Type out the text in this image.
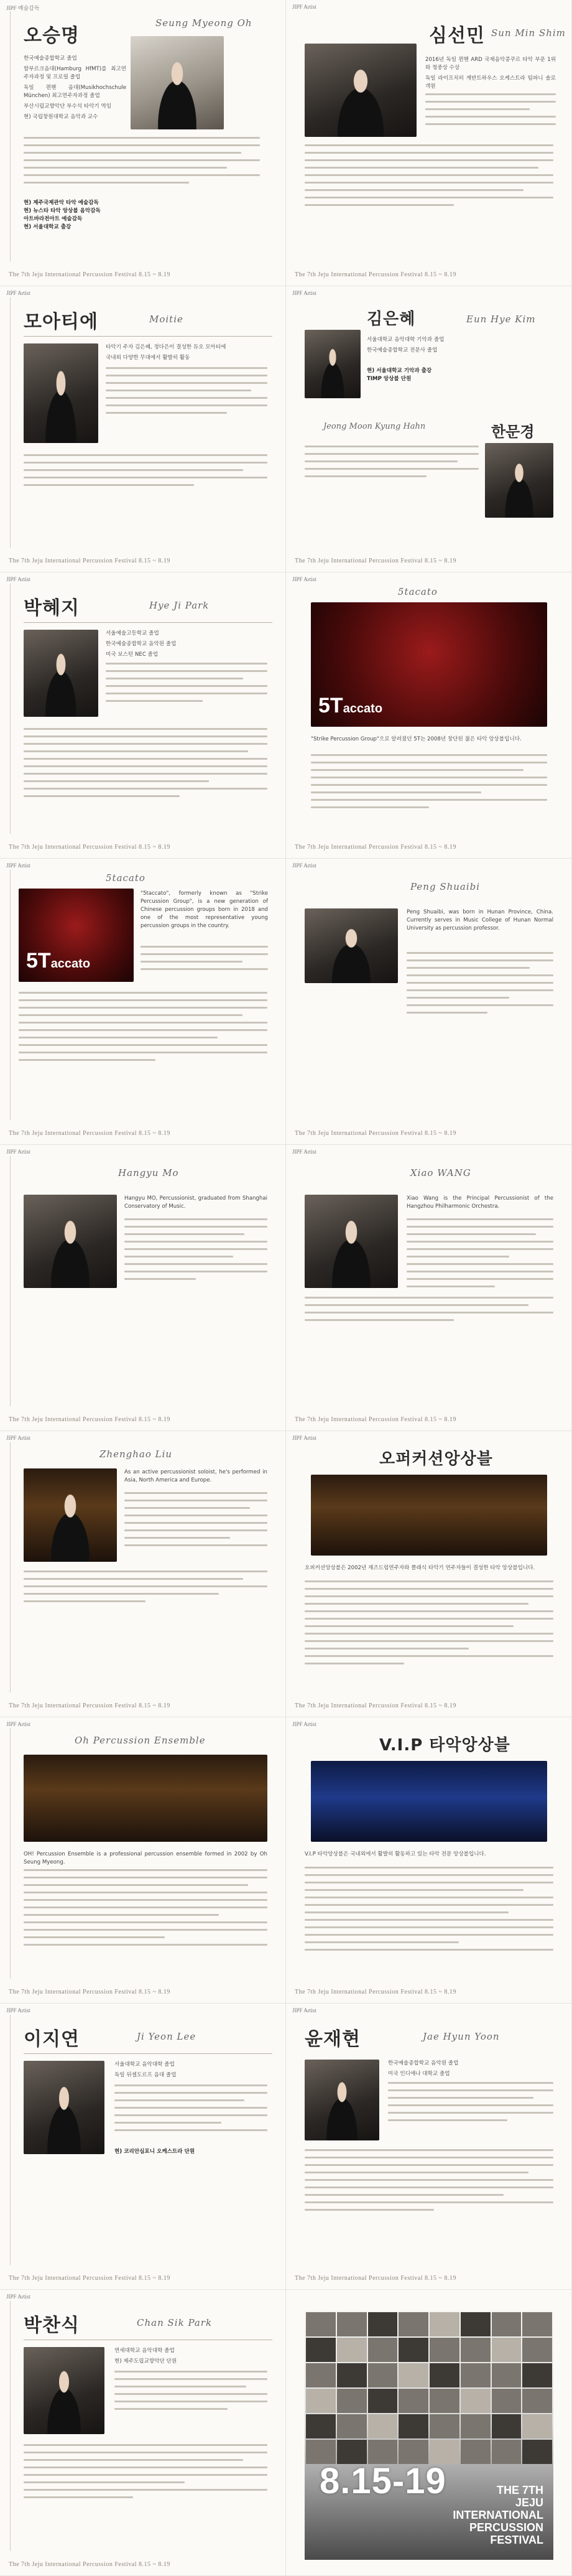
JIPF 예술감독
오승명
Seung Myeong Oh

한국예술종합학교 졸업

함부르크음대(Hamburg HfMT)를 최고연주자과정 및 프로필 졸업

독일 뮌헨 음대(Musikhochschule München) 최고연주자과정 졸업

부산시립교향악단 부수석 타악기 역임

현) 국립창원대학교 음악과 교수

현) 제주국제관악 타악 예술감독

현) 뉴스타 타악 앙상블 음악감독

아트바라전아트 예술감독

현) 서울대학교 출강

The 7th Jeju International Percussion Festival 8.15 ~ 8.19
JIPF Artist
심선민 Sun Min Shim

2016년 독일 뮌헨 ARD 국제음악콩쿠르 타악 부문 1위와 청중상 수상

독일 라이프치히 게반트하우스 오케스트라 팀파니 솔로 객원

The 7th Jeju International Percussion Festival 8.15 ~ 8.19
JIPF Artist
모아티에	Moitie

타악기 주자 김은혜, 정다은이 결성한 듀오 모아티에

국내외 다양한 무대에서 활발히 활동

The 7th Jeju International Percussion Festival 8.15 ~ 8.19
JIPF Artist
김은혜	Eun Hye Kim

서울대학교 음악대학 기악과 졸업

한국예술종합학교 전문사 졸업

현) 서울대학교 기악과 출강

TIMP 앙상블 단원

Jeong Moon Kyung Hahn	한문경
The 7th Jeju International Percussion Festival 8.15 ~ 8.19
JIPF Artist
박혜지	Hye Ji Park

서울예술고등학교 졸업

한국예술종합학교 음악원 졸업

미국 보스턴 NEC 졸업

The 7th Jeju International Percussion Festival 8.15 ~ 8.19
JIPF Artist
5tacato
5Taccato

"Strike Percussion Group"으로 알려졌던 5T는 2008년 창단된 젊은 타악 앙상블입니다.

The 7th Jeju International Percussion Festival 8.15 ~ 8.19
JIPF Artist
5tacato
5Taccato

"5taccato", formerly known as "Strike Percussion Group", is a new generation of Chinese percussion groups born in 2018 and one of the most representative young percussion groups in the country.

The 7th Jeju International Percussion Festival 8.15 ~ 8.19
JIPF Artist
Peng Shuaibi

Peng Shuaibi, was born in Hunan Province, China. Currently serves in Music College of Hunan Normal University as percussion professor.

The 7th Jeju International Percussion Festival 8.15 ~ 8.19
JIPF Artist
Hangyu Mo

Hangyu MO, Percussionist, graduated from Shanghai Conservatory of Music.

The 7th Jeju International Percussion Festival 8.15 ~ 8.19
JIPF Artist
Xiao WANG

Xiao Wang is the Principal Percussionist of the Hangzhou Philharmonic Orchestra.

The 7th Jeju International Percussion Festival 8.15 ~ 8.19
JIPF Artist
Zhenghao Liu

As an active percussionist soloist, he's performed in Asia, North America and Europe.

The 7th Jeju International Percussion Festival 8.15 ~ 8.19
JIPF Artist
오퍼커션앙상블

오퍼커션앙상블은 2002년 재즈드럼연주자와 클래식 타악기 연주자들이 결성한 타악 앙상블입니다.

The 7th Jeju International Percussion Festival 8.15 ~ 8.19
JIPF Artist
Oh Percussion Ensemble

OH! Percussion Ensemble is a professional percussion ensemble formed in 2002 by Oh Seung Myeong.

The 7th Jeju International Percussion Festival 8.15 ~ 8.19
JIPF Artist
V.I.P 타악앙상블

V.I.P 타악앙상블은 국내외에서 활발히 활동하고 있는 타악 전문 앙상블입니다.

The 7th Jeju International Percussion Festival 8.15 ~ 8.19
JIPF Artist
이지연	Ji Yeon Lee

서울대학교 음악대학 졸업

독일 뒤셀도르프 음대 졸업

현) 코리안심포니 오케스트라 단원

The 7th Jeju International Percussion Festival 8.15 ~ 8.19
JIPF Artist
윤재현	Jae Hyun Yoon

한국예술종합학교 음악원 졸업

미국 인디애나 대학교 졸업

The 7th Jeju International Percussion Festival 8.15 ~ 8.19
JIPF Artist
박찬식	Chan Sik Park

연세대학교 음악대학 졸업

현) 제주도립교향악단 단원

The 7th Jeju International Percussion Festival 8.15 ~ 8.19
8.15-19	THE 7TH
JEJU
INTERNATIONAL
PERCUSSION
FESTIVAL
